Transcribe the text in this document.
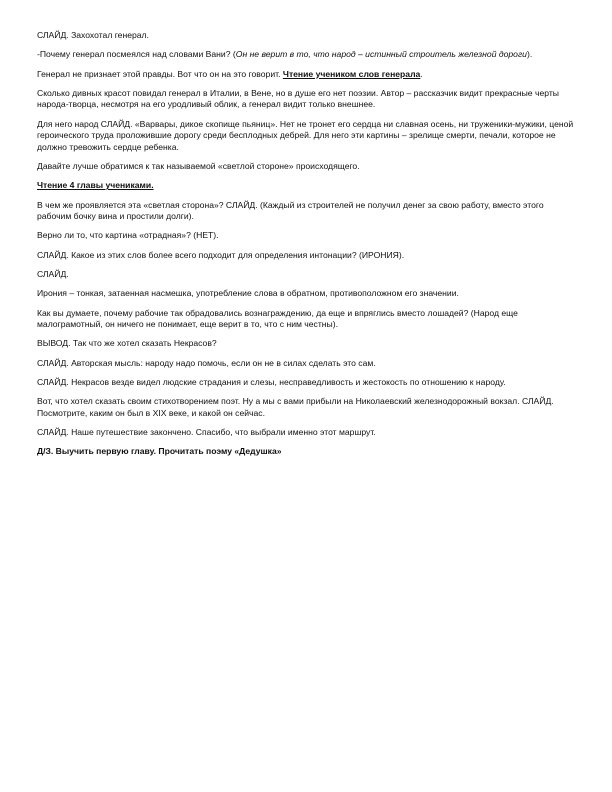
СЛАЙД. Захохотал генерал.

-Почему генерал посмеялся над словами Вани? (Он не верит в то, что народ – истинный строитель железной дороги).

Генерал не признает этой правды. Вот что он на это говорит. Чтение учеником слов генерала.

Сколько дивных красот повидал генерал в Италии, в Вене, но в душе его нет поэзии. Автор – рассказчик видит прекрасные черты народа-творца, несмотря на его уродливый облик, а генерал видит только внешнее.

Для него народ СЛАЙД. «Варвары, дикое скопище пьяниц». Нет не тронет его сердца ни славная осень, ни труженики-мужики, ценой героического труда проложившие дорогу среди бесплодных дебрей. Для него эти картины – зрелище смерти, печали, которое не должно тревожить сердце ребенка.

Давайте лучше обратимся к так называемой «светлой стороне» происходящего.

Чтение 4 главы учениками.

В чем же проявляется эта «светлая сторона»? СЛАЙД. (Каждый из строителей не получил денег за свою работу, вместо этого рабочим бочку вина и простили долги).

Верно ли то, что картина «отрадная»? (НЕТ).

СЛАЙД. Какое из этих слов более всего подходит для определения интонации? (ИРОНИЯ).

СЛАЙД.

Ирония – тонкая, затаенная насмешка, употребление слова в обратном, противоположном его значении.

Как вы думаете, почему рабочие так обрадовались вознаграждению, да еще и впряглись вместо лошадей? (Народ еще малограмотный, он ничего не понимает, еще верит в то, что с ним честны).

ВЫВОД. Так что же хотел сказать Некрасов?

СЛАЙД. Авторская мысль: народу надо помочь, если он не в силах сделать это сам.

СЛАЙД. Некрасов везде видел людские страдания и слезы, несправедливость и жестокость по отношению к народу.

Вот, что хотел сказать своим стихотворением поэт. Ну а мы с вами прибыли на Николаевский железнодорожный вокзал. СЛАЙД. Посмотрите, каким он был в XIX веке, и какой он сейчас.

СЛАЙД. Наше путешествие закончено. Спасибо, что выбрали именно этот маршрут.

Д/З. Выучить первую главу. Прочитать поэму «Дедушка»
